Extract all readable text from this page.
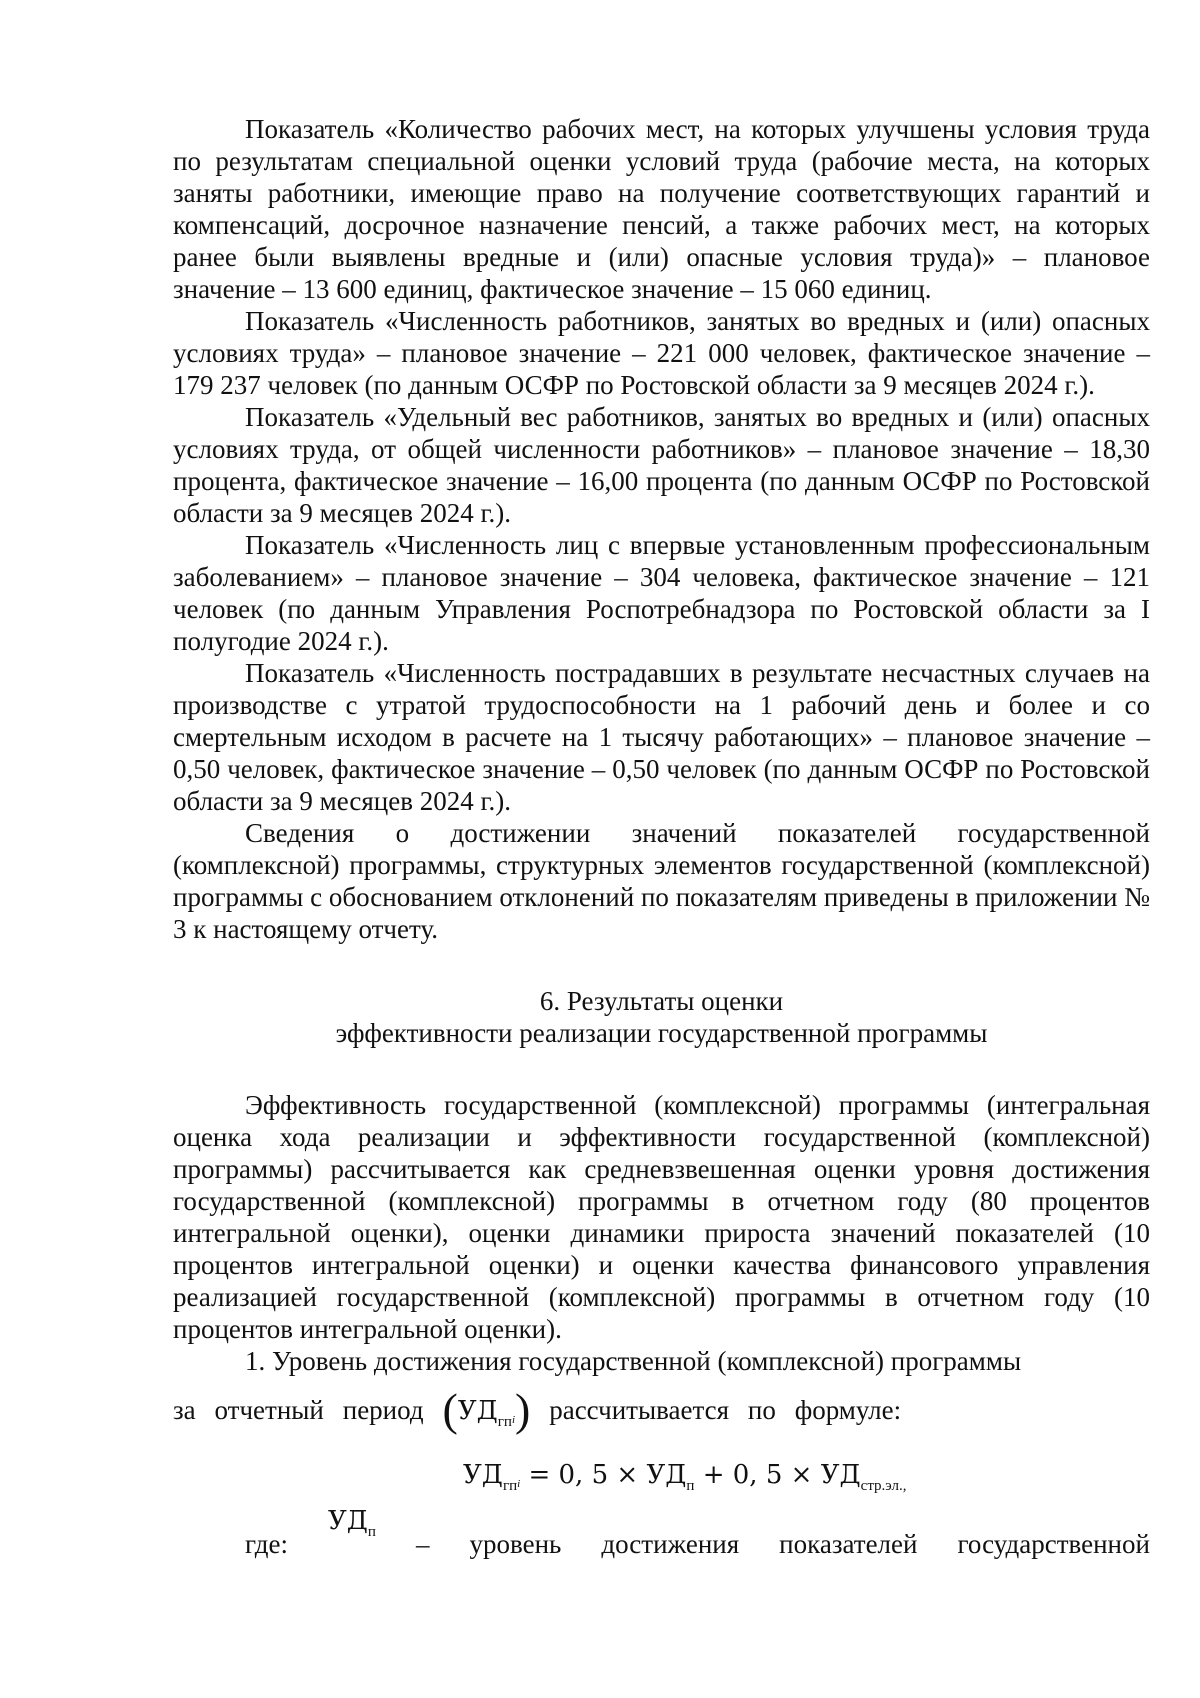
Показатель «Количество рабочих мест, на которых улучшены условия труда по результатам специальной оценки условий труда (рабочие места, на которых заняты работники, имеющие право на получение соответствующих гарантий и компенсаций, досрочное назначение пенсий, а также рабочих мест, на которых ранее были выявлены вредные и (или) опасные условия труда)» – плановое значение – 13 600 единиц, фактическое значение – 15 060 единиц.

Показатель «Численность работников, занятых во вредных и (или) опасных условиях труда» – плановое значение – 221 000 человек, фактическое значение – 179 237 человек (по данным ОСФР по Ростовской области за 9 месяцев 2024 г.).

Показатель «Удельный вес работников, занятых во вредных и (или) опасных условиях труда, от общей численности работников» – плановое значение – 18,30 процента, фактическое значение – 16,00 процента (по данным ОСФР по Ростовской области за 9 месяцев 2024 г.).

Показатель «Численность лиц с впервые установленным профессиональным заболеванием» – плановое значение – 304 человека, фактическое значение – 121 человек (по данным Управления Роспотребнадзора по Ростовской области за I полугодие 2024 г.).

Показатель «Численность пострадавших в результате несчастных случаев на производстве с утратой трудоспособности на 1 рабочий день и более и со смертельным исходом в расчете на 1 тысячу работающих» – плановое значение – 0,50 человек, фактическое значение – 0,50 человек (по данным ОСФР по Ростовской области за 9 месяцев 2024 г.).

Сведения о достижении значений показателей государственной (комплексной) программы, структурных элементов государственной (комплексной) программы с обоснованием отклонений по показателям приведены в приложении № 3 к настоящему отчету.

6. Результаты оценки
эффективности реализации государственной программы

Эффективность государственной (комплексной) программы (интегральная оценка хода реализации и эффективности государственной (комплексной) программы) рассчитывается как средневзвешенная оценки уровня достижения государственной (комплексной) программы в отчетном году (80 процентов интегральной оценки), оценки динамики прироста значений показателей (10 процентов интегральной оценки) и оценки качества финансового управления реализацией государственной (комплексной) программы в отчетном году (10 процентов интегральной оценки).

1. Уровень достижения государственной (комплексной) программы

за отчетный период $(УД_{гп}i)$ рассчитывается по формуле:

$УД_{гп}i = 0$, $5 \times УД_п + 0$, $5 \times УД_{стр.эл.,}$
где:
$УД_п$ – уровень достижения показателей государственной
